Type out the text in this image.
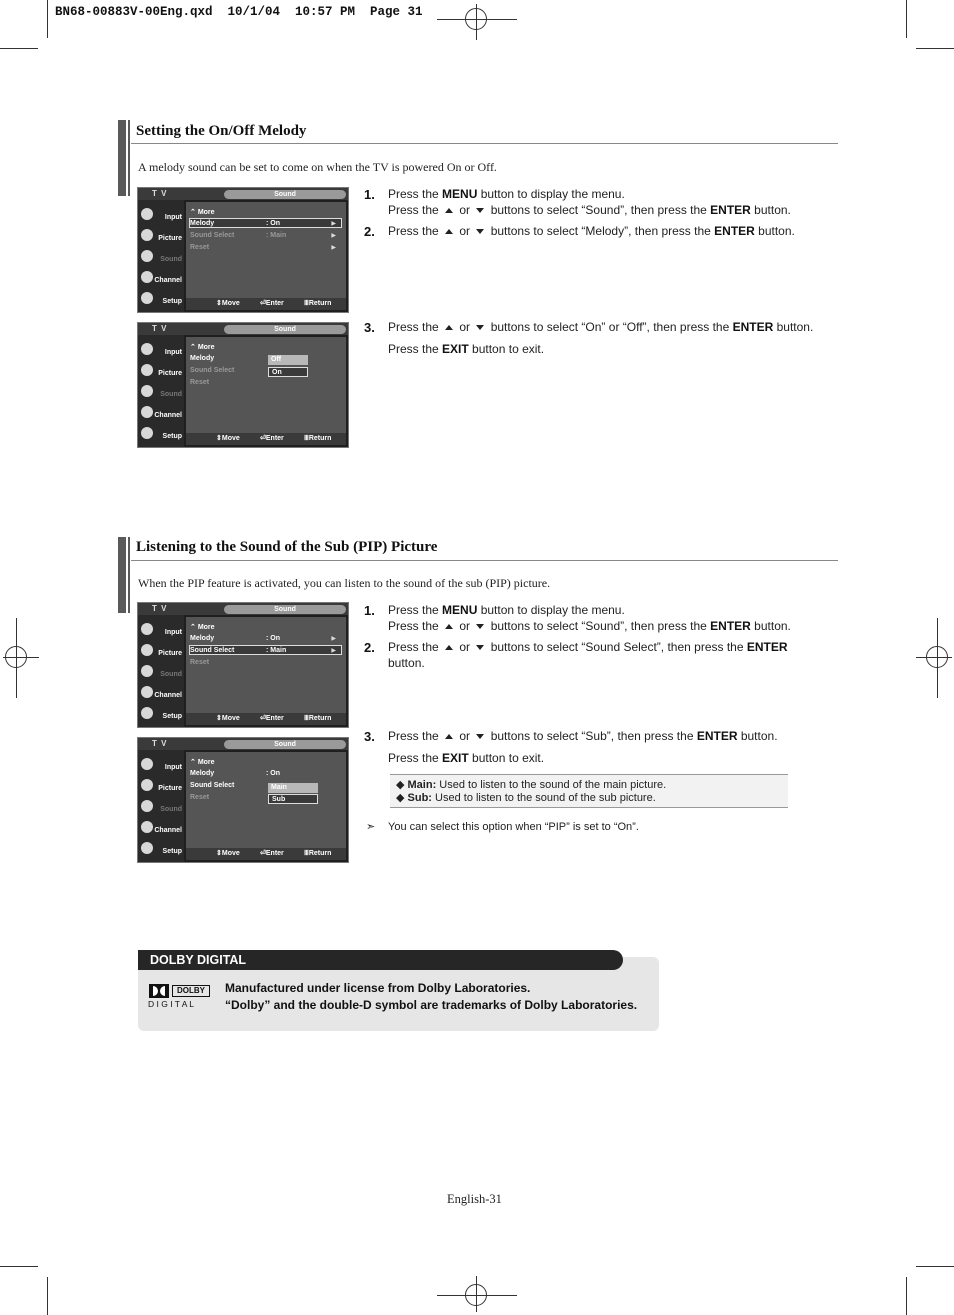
BN68-00883V-00Eng.qxd  10/1/04  10:57 PM  Page 31
Setting the On/Off Melody
A melody sound can be set to come on when the TV is powered On or Off.
T V	Sound
Input
Picture
Sound
Channel
Setup
⌃ More
Melody	: On	▶
Sound Select	: Main	▶
Reset	▶
⇕Move	⏎Enter	ⅢReturn
T V	Sound
Input
Picture
Sound
Channel
Setup
⌃ More
Melody	Off
Sound Select	On
Reset
⇕Move	⏎Enter	ⅢReturn
1. Press the MENU button to display the menu.
Press the  or  buttons to select “Sound”, then press the ENTER button.
2. Press the  or  buttons to select “Melody”, then press the ENTER button.
3. Press the  or  buttons to select “On” or “Off”, then press the ENTER button.
Press the EXIT button to exit.
Listening to the Sound of the Sub (PIP) Picture
When the PIP feature is activated, you can listen to the sound of the sub (PIP) picture.
T V	Sound
Input
Picture
Sound
Channel
Setup
⌃ More
Melody	: On	▶
Sound Select	: Main	▶
Reset
⇕Move	⏎Enter	ⅢReturn
T V	Sound
Input
Picture
Sound
Channel
Setup
⌃ More
Melody	: On
Sound Select	Main
Reset	Sub
⇕Move	⏎Enter	ⅢReturn
1. Press the MENU button to display the menu.
Press the  or  buttons to select “Sound”, then press the ENTER button.
2. Press the  or  buttons to select “Sound Select”, then press the ENTER
button.
3. Press the  or  buttons to select “Sub”, then press the ENTER button.
Press the EXIT button to exit.
◆ Main: Used to listen to the sound of the main picture.
◆ Sub: Used to listen to the sound of the sub picture.
➣ You can select this option when “PIP” is set to “On”.
DOLBY DIGITAL
DOLBY
D I G I T A L
Manufactured under license from Dolby Laboratories.
“Dolby” and the double-D symbol are trademarks of Dolby Laboratories.
English-31
